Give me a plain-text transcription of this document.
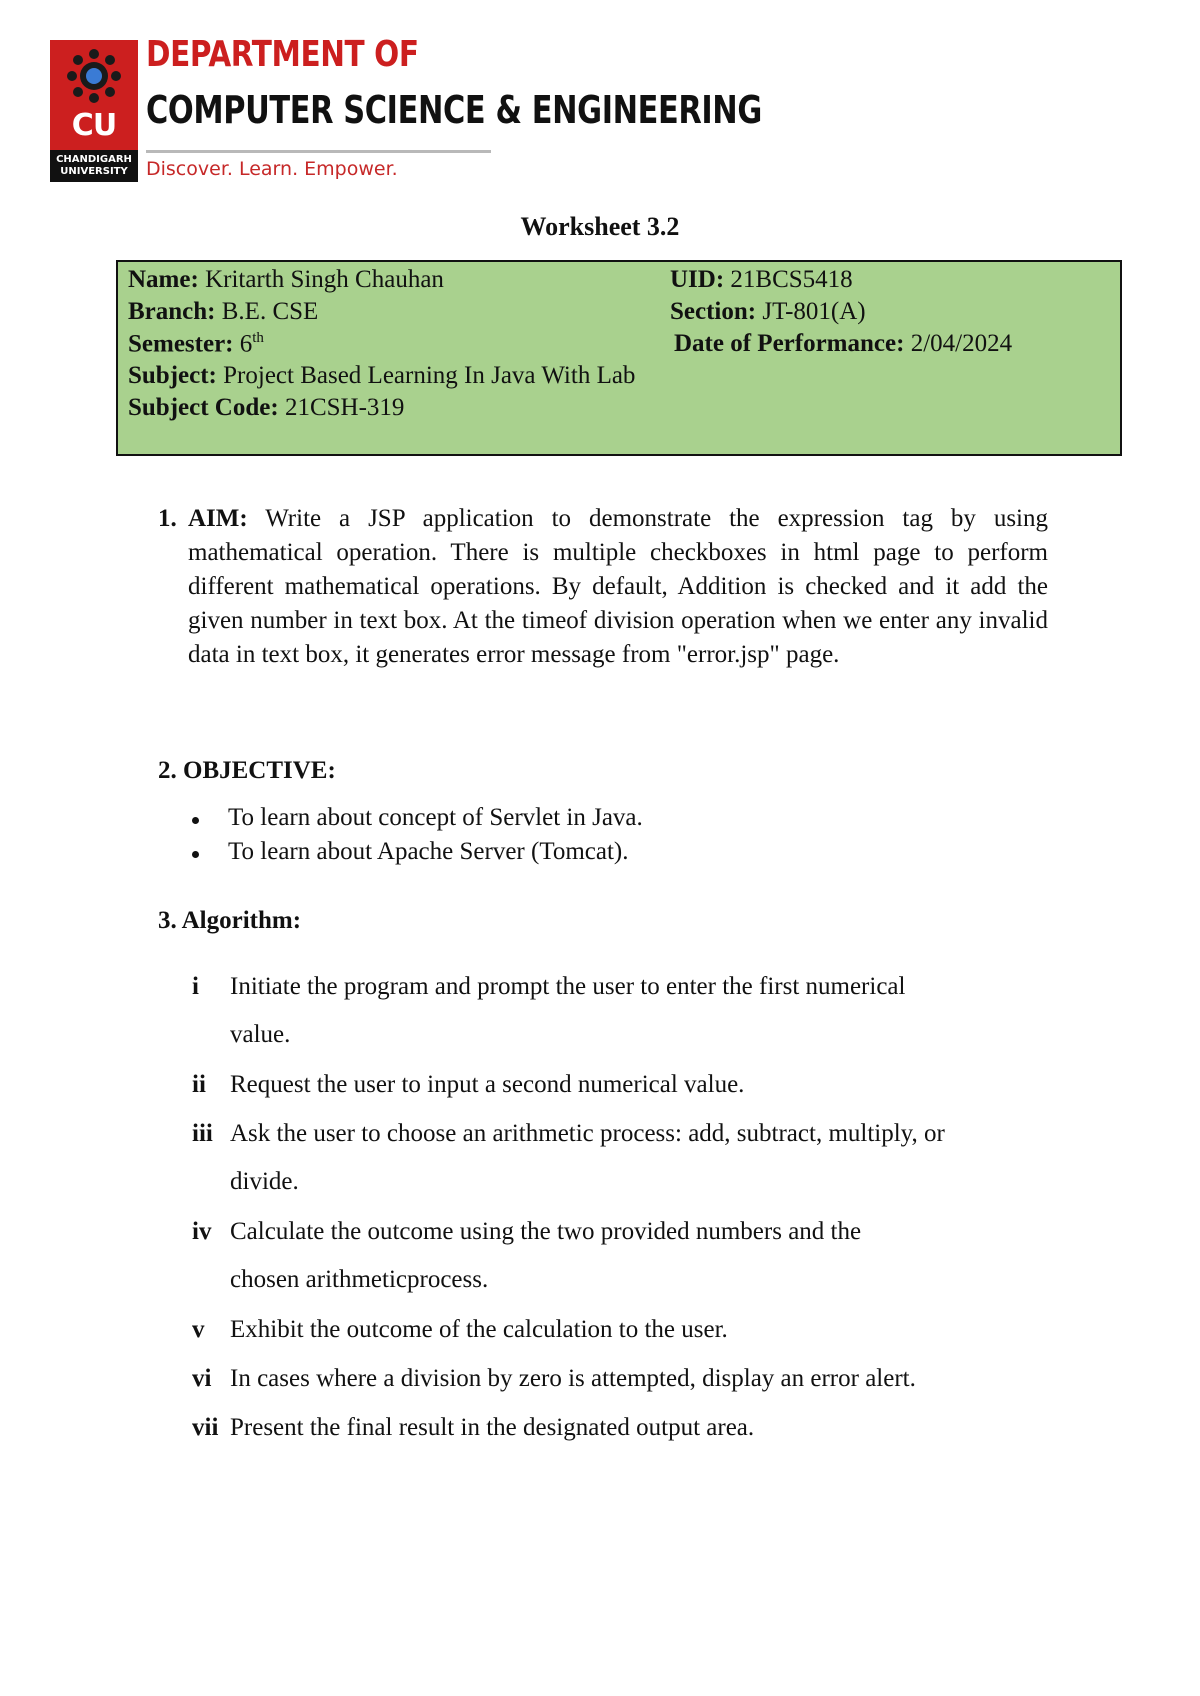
CU
CHANDIGARH UNIVERSITY
DEPARTMENT OF
COMPUTER SCIENCE & ENGINEERING
Discover. Learn. Empower.
Worksheet 3.2
Name: Kritarth Singh Chauhan	UID: 21BCS5418
Branch: B.E. CSE	Section: JT-801(A)
Semester: 6th	Date of Performance: 2/04/2024
Subject: Project Based Learning In Java With Lab
Subject Code: 21CSH-319
1. AIM: Write a JSP application to demonstrate the expression tag by using mathematical operation. There is multiple checkboxes in html page to perform different mathematical operations. By default, Addition is checked and it add the given number in text box. At the timeof division operation when we enter any invalid data in text box, it generates error message from "error.jsp" page.
2. OBJECTIVE:
To learn about concept of Servlet in Java.
To learn about Apache Server (Tomcat).
3. Algorithm:
i Initiate the program and prompt the user to enter the first numerical
value.
ii Request the user to input a second numerical value.
iii Ask the user to choose an arithmetic process: add, subtract, multiply, or
divide.
iv Calculate the outcome using the two provided numbers and the
chosen arithmeticprocess.
v Exhibit the outcome of the calculation to the user.
vi In cases where a division by zero is attempted, display an error alert.
vii Present the final result in the designated output area.
